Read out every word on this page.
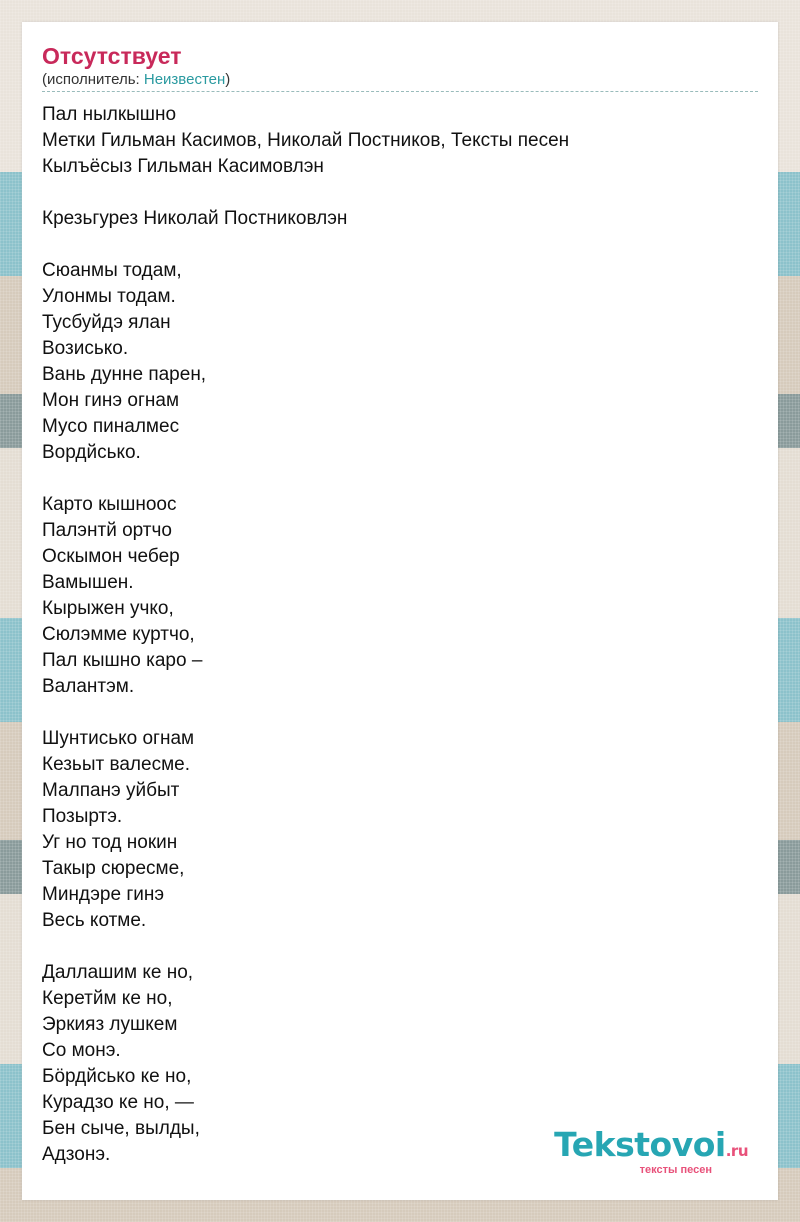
Отсутствует
(исполнитель: Неизвестен)
Пал нылкышно
Метки Гильман Касимов, Николай Постников, Тексты песен
Кылъёсыз Гильман Касимовлэн
Крезьгурез Николай Постниковлэн
Сюанмы тодам,
Улонмы тодам.
Тусбуйдэ ялан
Возисько.
Вань дунне парен,
Мон гинэ огнам
Мусо пиналмес
Вордйсько.
Карто кышноос
Палэнтй ортчо
Оскымон чебер
Вамышен.
Кырыжен учко,
Сюлэмме куртчо,
Пал кышно каро –
Валантэм.
Шунтисько огнам
Кезьыт валесме.
Малпанэ уйбыт
Позыртэ.
Уг но тод нокин
Такыр сюресме,
Миндэре гинэ
Весь котме.
Даллашим ке но,
Керетйм ке но,
Эркияз лушкем
Со монэ.
Бöрдйсько ке но,
Курадзо ке но, —
Бен сыче, вылды,
Адзонэ.	Tekstovoi.ru
тексты песен
